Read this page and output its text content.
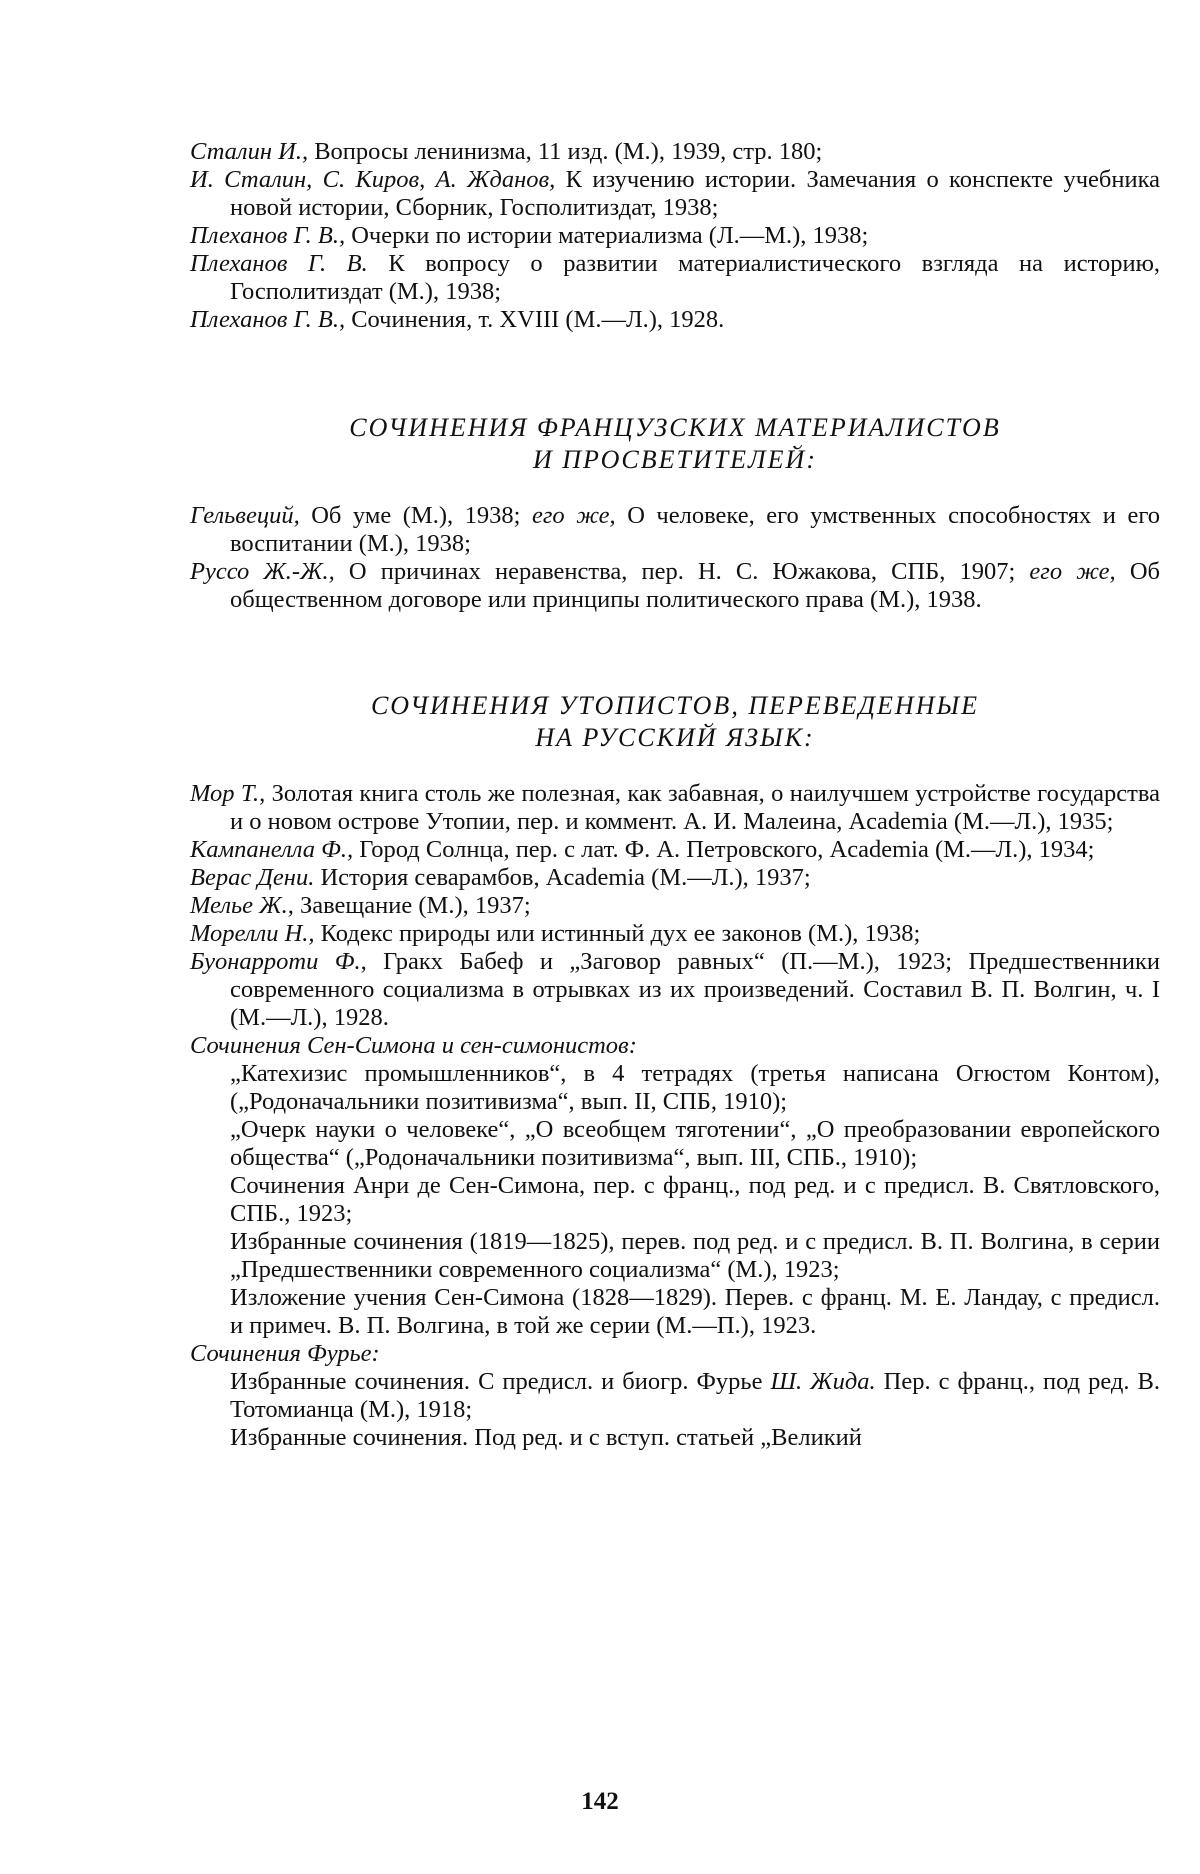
Сталин И., Вопросы ленинизма, 11 изд. (М.), 1939, стр. 180;

И. Сталин, С. Киров, А. Жданов, К изучению истории. Замечания о конспекте учебника новой истории, Сборник, Госполитиздат, 1938;

Плеханов Г. В., Очерки по истории материализма (Л.—М.), 1938;

Плеханов Г. В. К вопросу о развитии материалистического взгляда на историю, Госполитиздат (М.), 1938;

Плеханов Г. В., Сочинения, т. XVIII (М.—Л.), 1928.

СОЧИНЕНИЯ ФРАНЦУЗСКИХ МАТЕРИАЛИСТОВ

И ПРОСВЕТИТЕЛЕЙ:

Гельвеций, Об уме (М.), 1938; его же, О человеке, его умственных способностях и его воспитании (М.), 1938;

Руссо Ж.-Ж., О причинах неравенства, пер. Н. С. Южакова, СПБ, 1907; его же, Об общественном договоре или принципы политического права (М.), 1938.

СОЧИНЕНИЯ УТОПИСТОВ, ПЕРЕВЕДЕННЫЕ

НА РУССКИЙ ЯЗЫК:

Мор Т., Золотая книга столь же полезная, как забавная, о наилучшем устройстве государства и о новом острове Утопии, пер. и коммент. А. И. Малеина, Academia (М.—Л.), 1935;

Кампанелла Ф., Город Солнца, пер. с лат. Ф. А. Петровского, Academia (М.—Л.), 1934;

Верас Дени. История севарамбов, Academia (М.—Л.), 1937;

Мелье Ж., Завещание (М.), 1937;

Морелли Н., Кодекс природы или истинный дух ее законов (М.), 1938;

Буонарроти Ф., Гракх Бабеф и „Заговор равных“ (П.—М.), 1923; Предшественники современного социализма в отрывках из их произведений. Составил В. П. Волгин, ч. I (М.—Л.), 1928.

Сочинения Сен-Симона и сен-симонистов:

„Катехизис промышленников“, в 4 тетрадях (третья написана Огюстом Контом), („Родоначальники позитивизма“, вып. II, СПБ, 1910);

„Очерк науки о человеке“, „О всеобщем тяготении“, „О преобразовании европейского общества“ („Родоначальники позитивизма“, вып. III, СПБ., 1910);

Сочинения Анри де Сен-Симона, пер. с франц., под ред. и с предисл. В. Святловского, СПБ., 1923;

Избранные сочинения (1819—1825), перев. под ред. и с предисл. В. П. Волгина, в серии „Предшественники современного социализма“ (М.), 1923;

Изложение учения Сен-Симона (1828—1829). Перев. с франц. М. Е. Ландау, с предисл. и примеч. В. П. Волгина, в той же серии (М.—П.), 1923.

Сочинения Фурье:

Избранные сочинения. С предисл. и биогр. Фурье Ш. Жида. Пер. с франц., под ред. В. Тотомианца (М.), 1918;

Избранные сочинения. Под ред. и с вступ. статьей „Великий

142
